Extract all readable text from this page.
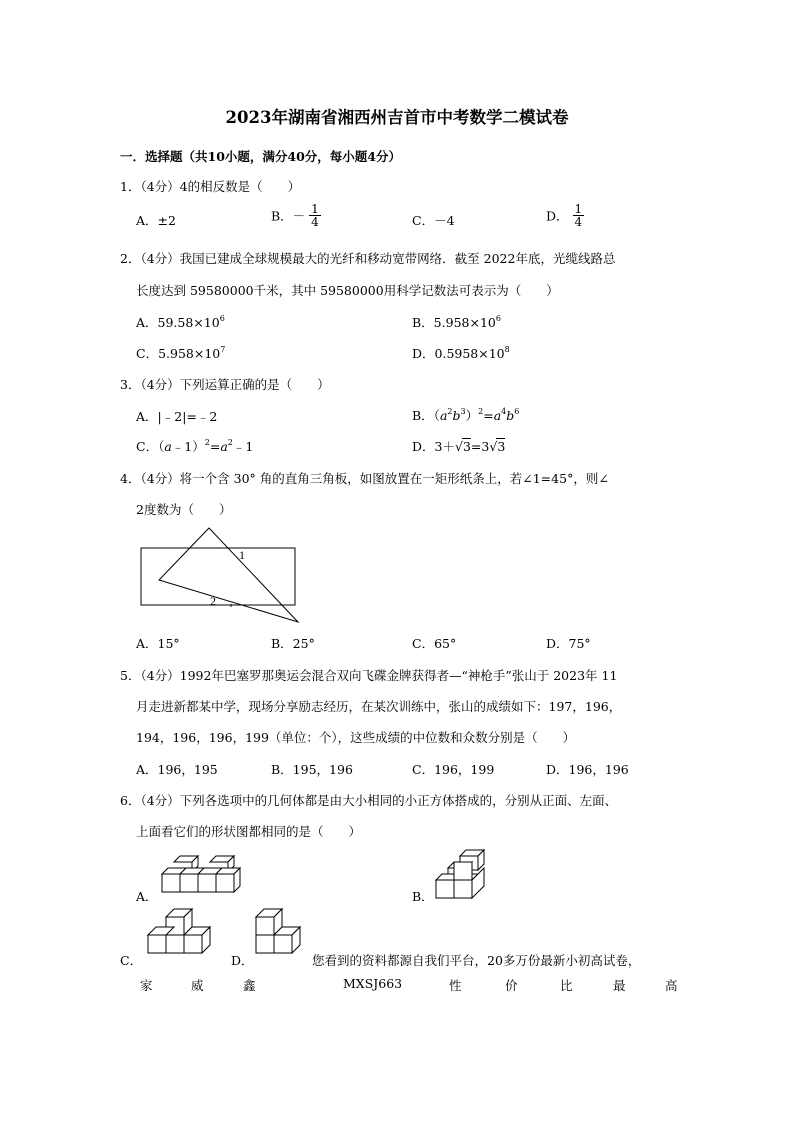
2023年湖南省湘西州吉首市中考数学二模试卷
一．选择题（共10小题，满分40分，每小题4分）
1．（4分）4的相反数是（　　）
A．±2	B．－ $\frac{1}{4}$	C．－4	D． $\frac{1}{4}$
2．（4分）我国已建成全球规模最大的光纤和移动宽带网络．截至 2022年底，光缆线路总
长度达到 59580000千米，其中 59580000用科学记数法可表示为（　　）
A．$59.58\times 10^6$	B．$5.958\times 10^6$
C．$5.958\times 10^7$	D．$0.5958\times 10^8$
3．（4分）下列运算正确的是（　　）
A．|﹣2|=﹣2	B．$(a^2b^3)^2=a^4b^6$
C．$(a﹣1)^2=a^2﹣1$	D．3＋√3=3√3
4．（4分）将一个含 30° 角的直角三角板，如图放置在一矩形纸条上，若∠1=45°，则∠
2度数为（　　）
1
2
A．15°	B．25°	C．65°	D．75°
5．（4分）1992年巴塞罗那奥运会混合双向飞碟金牌获得者—“神枪手”张山于 2023年 11
月走进新都某中学，现场分享励志经历，在某次训练中，张山的成绩如下：197，196，
194，196，196，199（单位：个），这些成绩的中位数和众数分别是（　　）
A．196，195	B．195，196	C．196，199	D．196，196
6．（4分）下列各选项中的几何体都是由大小相同的小正方体搭成的，分别从正面、左面、
上面看它们的形状图都相同的是（　　）
A．	B．
C．	D．	您看到的资料都源自我们平台，20多万份最新小初高试卷，
家	威	鑫	MXSJ663	性	价	比	最	高
